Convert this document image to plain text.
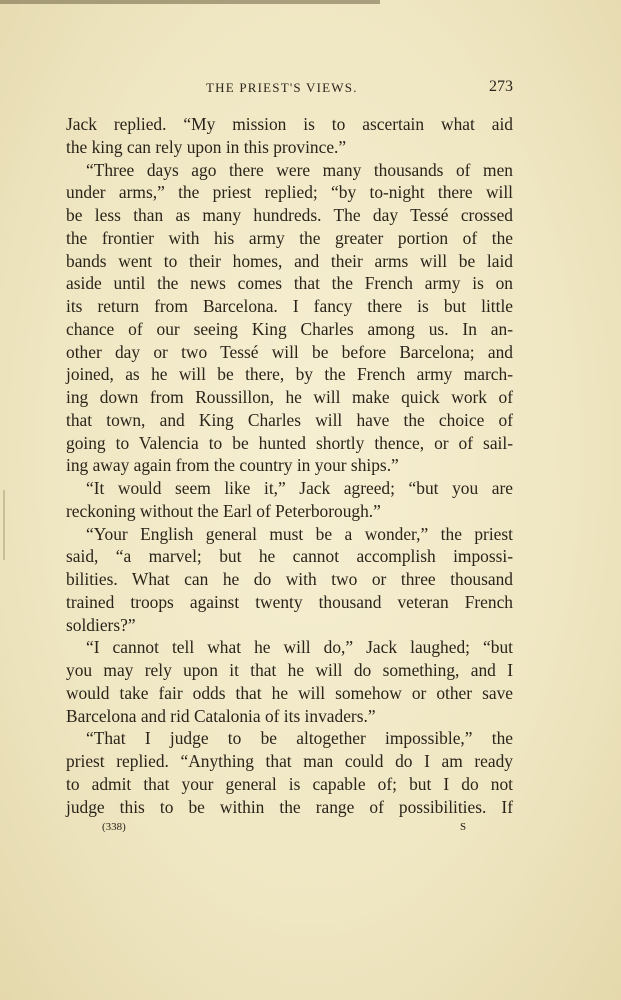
THE PRIEST'S VIEWS.	273
Jack replied. “My mission is to ascertain what aid
the king can rely upon in this province.”
“Three days ago there were many thousands of men
under arms,” the priest replied; “by to-night there will
be less than as many hundreds. The day Tessé crossed
the frontier with his army the greater portion of the
bands went to their homes, and their arms will be laid
aside until the news comes that the French army is on
its return from Barcelona. I fancy there is but little
chance of our seeing King Charles among us. In an-
other day or two Tessé will be before Barcelona; and
joined, as he will be there, by the French army march-
ing down from Roussillon, he will make quick work of
that town, and King Charles will have the choice of
going to Valencia to be hunted shortly thence, or of sail-
ing away again from the country in your ships.”
“It would seem like it,” Jack agreed; “but you are
reckoning without the Earl of Peterborough.”
“Your English general must be a wonder,” the priest
said, “a marvel; but he cannot accomplish impossi-
bilities. What can he do with two or three thousand
trained troops against twenty thousand veteran French
soldiers?”
“I cannot tell what he will do,” Jack laughed; “but
you may rely upon it that he will do something, and I
would take fair odds that he will somehow or other save
Barcelona and rid Catalonia of its invaders.”
“That I judge to be altogether impossible,” the
priest replied. “Anything that man could do I am ready
to admit that your general is capable of; but I do not
judge this to be within the range of possibilities. If
(338)	S
